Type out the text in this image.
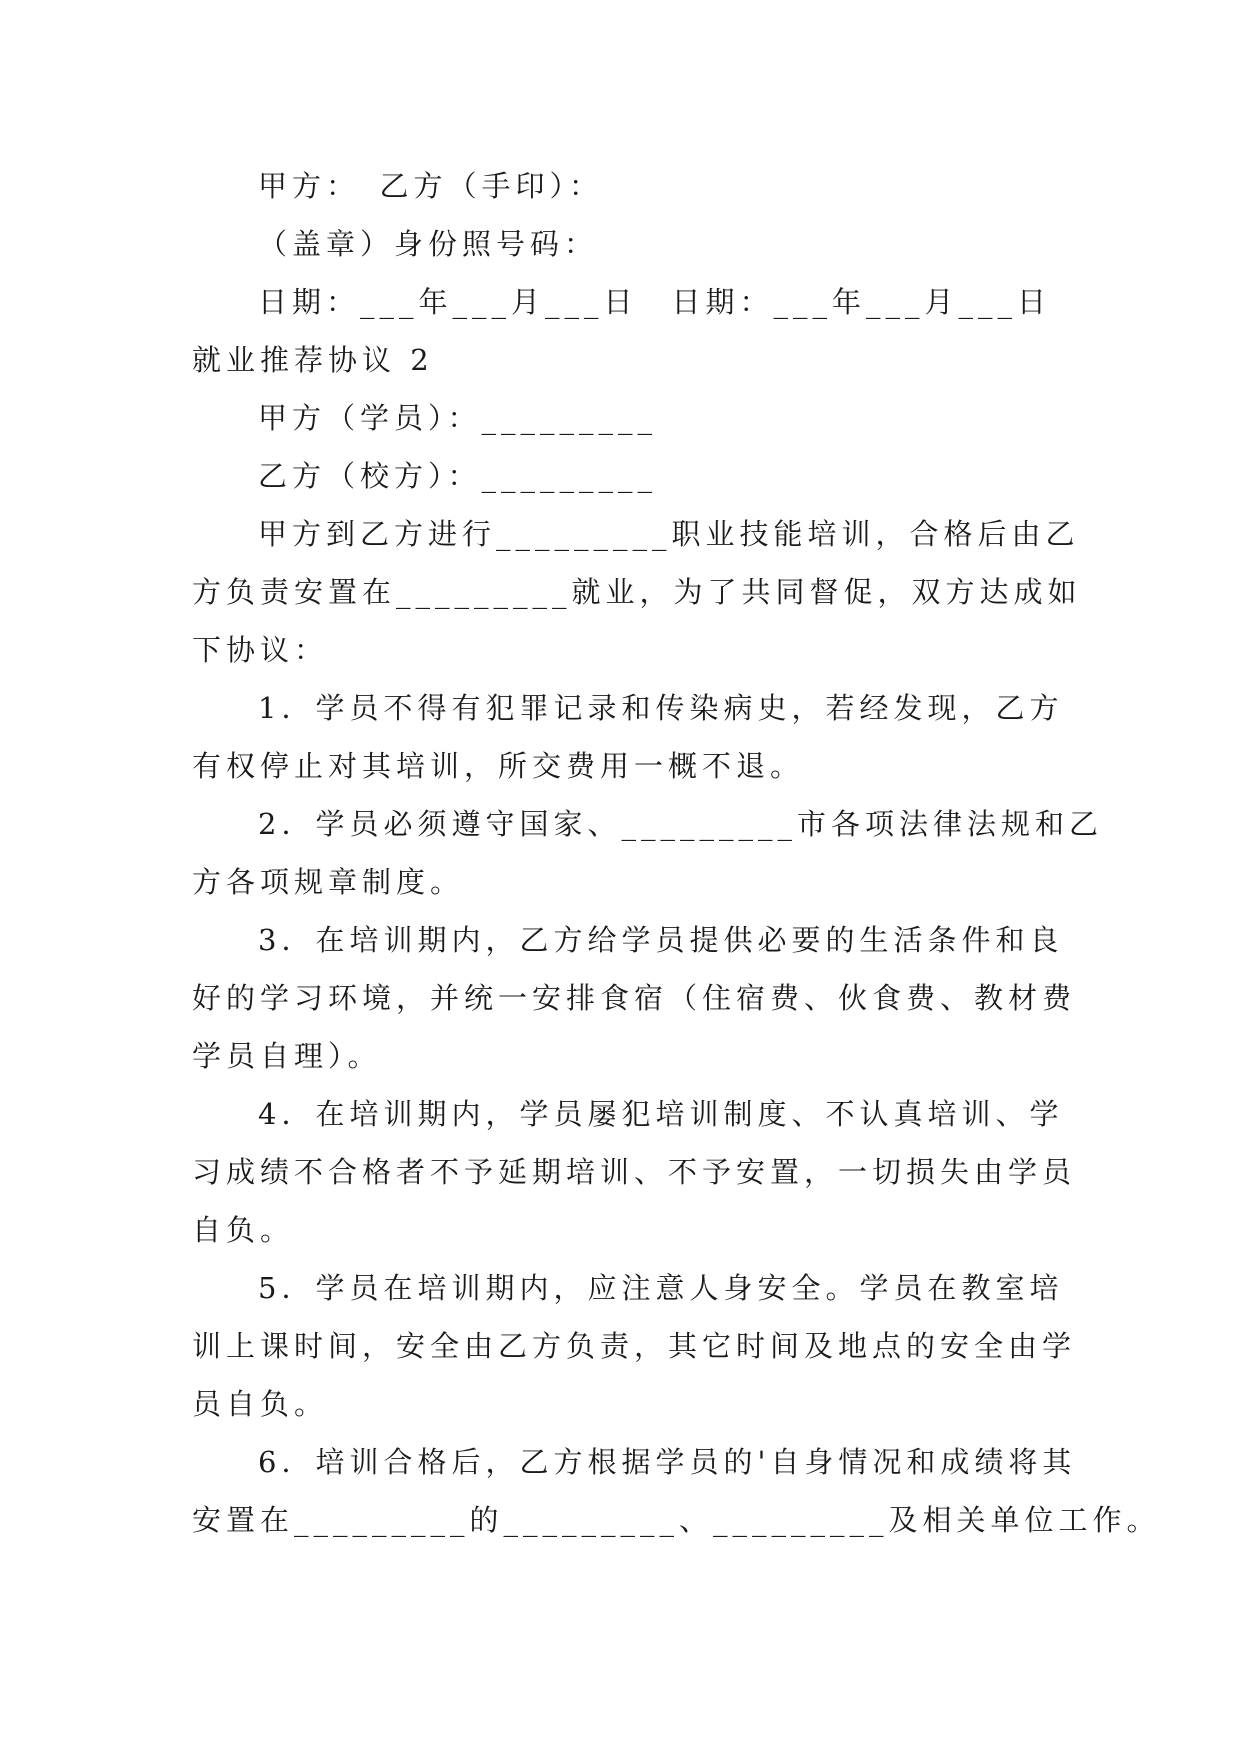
甲方：　乙方（手印）：
（盖章）身份照号码：
日期：___年___月___日　日期：___年___月___日
就业推荐协议 2
甲方（学员）：_________
乙方（校方）：_________
甲方到乙方进行_________职业技能培训，合格后由乙
方负责安置在_________就业，为了共同督促，双方达成如
下协议：
1．学员不得有犯罪记录和传染病史，若经发现，乙方
有权停止对其培训，所交费用一概不退。
2．学员必须遵守国家、_________市各项法律法规和乙
方各项规章制度。
3．在培训期内，乙方给学员提供必要的生活条件和良
好的学习环境，并统一安排食宿（住宿费、伙食费、教材费
学员自理）。
4．在培训期内，学员屡犯培训制度、不认真培训、学
习成绩不合格者不予延期培训、不予安置，一切损失由学员
自负。
5．学员在培训期内，应注意人身安全。学员在教室培
训上课时间，安全由乙方负责，其它时间及地点的安全由学
员自负。
6．培训合格后，乙方根据学员的'自身情况和成绩将其
安置在_________的_________、_________及相关单位工作。
